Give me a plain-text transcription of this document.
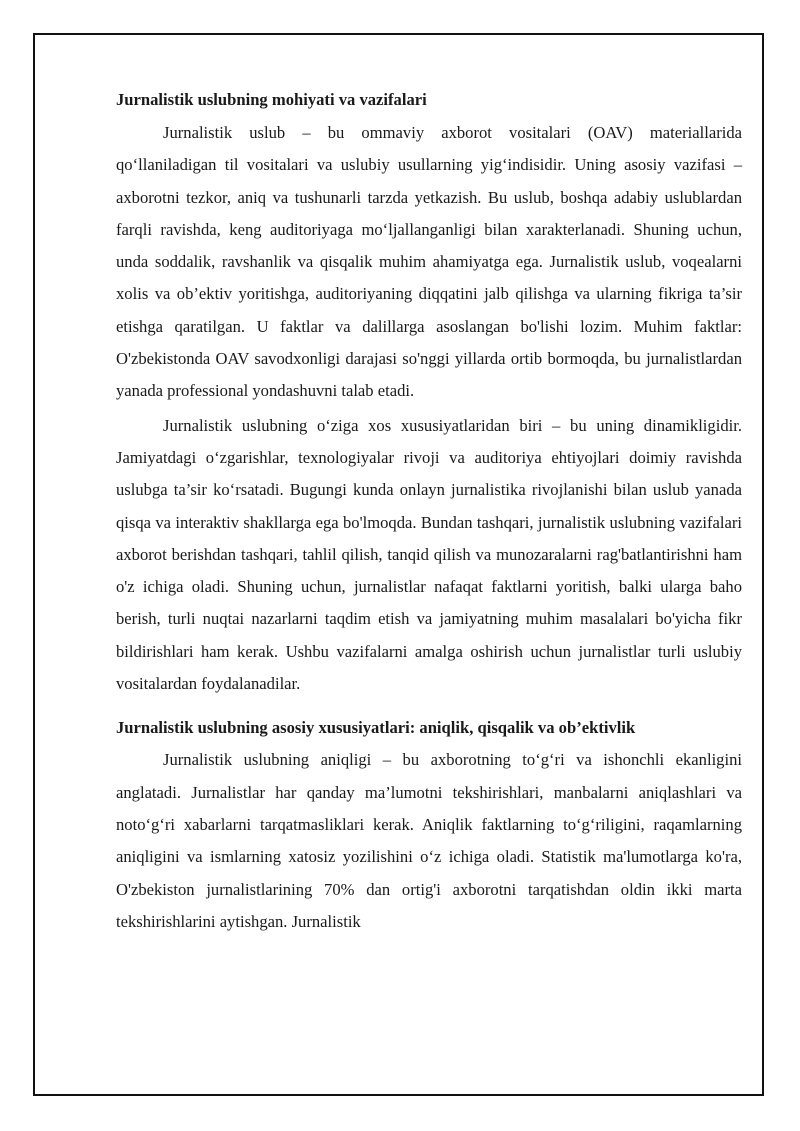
Jurnalistik uslubning mohiyati va vazifalari

Jurnalistik uslub – bu ommaviy axborot vositalari (OAV) materiallarida qo‘llaniladigan til vositalari va uslubiy usullarning yig‘indisidir. Uning asosiy vazifasi – axborotni tezkor, aniq va tushunarli tarzda yetkazish. Bu uslub, boshqa adabiy uslublardan farqli ravishda, keng auditoriyaga mo‘ljallanganligi bilan xarakterlanadi. Shuning uchun, unda soddalik, ravshanlik va qisqalik muhim ahamiyatga ega. Jurnalistik uslub, voqealarni xolis va ob’ektiv yoritishga, auditoriyaning diqqatini jalb qilishga va ularning fikriga ta’sir etishga qaratilgan. U faktlar va dalillarga asoslangan bo'lishi lozim. Muhim faktlar: O'zbekistonda OAV savodxonligi darajasi so'nggi yillarda ortib bormoqda, bu jurnalistlardan yanada professional yondashuvni talab etadi.

Jurnalistik uslubning o‘ziga xos xususiyatlaridan biri – bu uning dinamikligidir. Jamiyatdagi o‘zgarishlar, texnologiyalar rivoji va auditoriya ehtiyojlari doimiy ravishda uslubga ta’sir ko‘rsatadi. Bugungi kunda onlayn jurnalistika rivojlanishi bilan uslub yanada qisqa va interaktiv shakllarga ega bo'lmoqda. Bundan tashqari, jurnalistik uslubning vazifalari axborot berishdan tashqari, tahlil qilish, tanqid qilish va munozaralarni rag'batlantirishni ham o'z ichiga oladi. Shuning uchun, jurnalistlar nafaqat faktlarni yoritish, balki ularga baho berish, turli nuqtai nazarlarni taqdim etish va jamiyatning muhim masalalari bo'yicha fikr bildirishlari ham kerak. Ushbu vazifalarni amalga oshirish uchun jurnalistlar turli uslubiy vositalardan foydalanadilar.

Jurnalistik uslubning asosiy xususiyatlari: aniqlik, qisqalik va ob’ektivlik

Jurnalistik uslubning aniqligi – bu axborotning to‘g‘ri va ishonchli ekanligini anglatadi. Jurnalistlar har qanday ma’lumotni tekshirishlari, manbalarni aniqlashlari va noto‘g‘ri xabarlarni tarqatmasliklari kerak. Aniqlik faktlarning to‘g‘riligini, raqamlarning aniqligini va ismlarning xatosiz yozilishini o‘z ichiga oladi. Statistik ma'lumotlarga ko'ra, O'zbekiston jurnalistlarining 70% dan ortig'i axborotni tarqatishdan oldin ikki marta tekshirishlarini aytishgan. Jurnalistik
